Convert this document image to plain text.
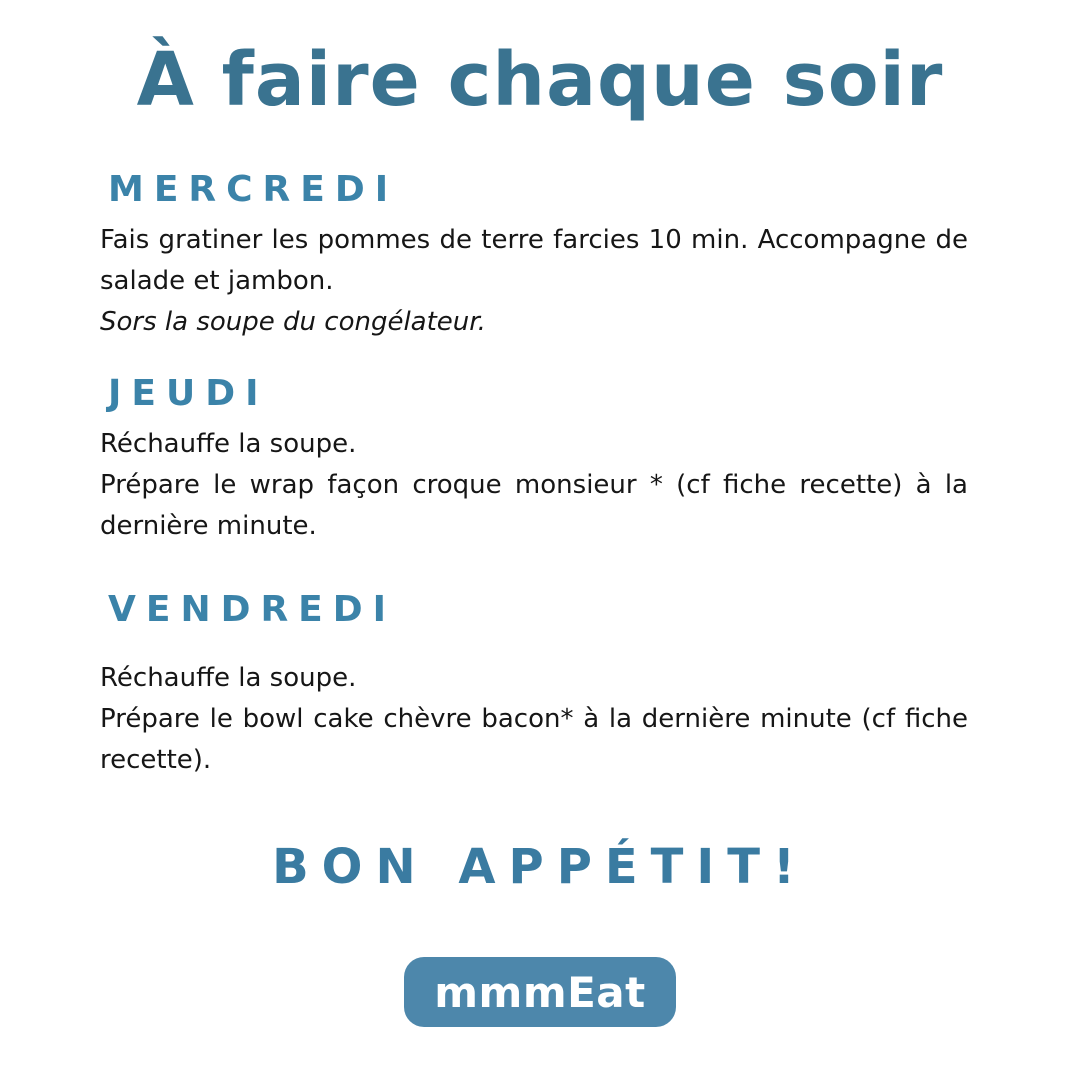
À faire chaque soir
MERCREDI

Fais gratiner les pommes de terre farcies 10 min. Accompagne de salade et jambon.

Sors la soupe du congélateur.

JEUDI

Réchauffe la soupe.

Prépare le wrap façon croque monsieur * (cf fiche recette) à la dernière minute.

VENDREDI

Réchauffe la soupe.

Prépare le bowl cake chèvre bacon* à la dernière minute (cf fiche recette).

BON APPÉTIT!
mmmEat
